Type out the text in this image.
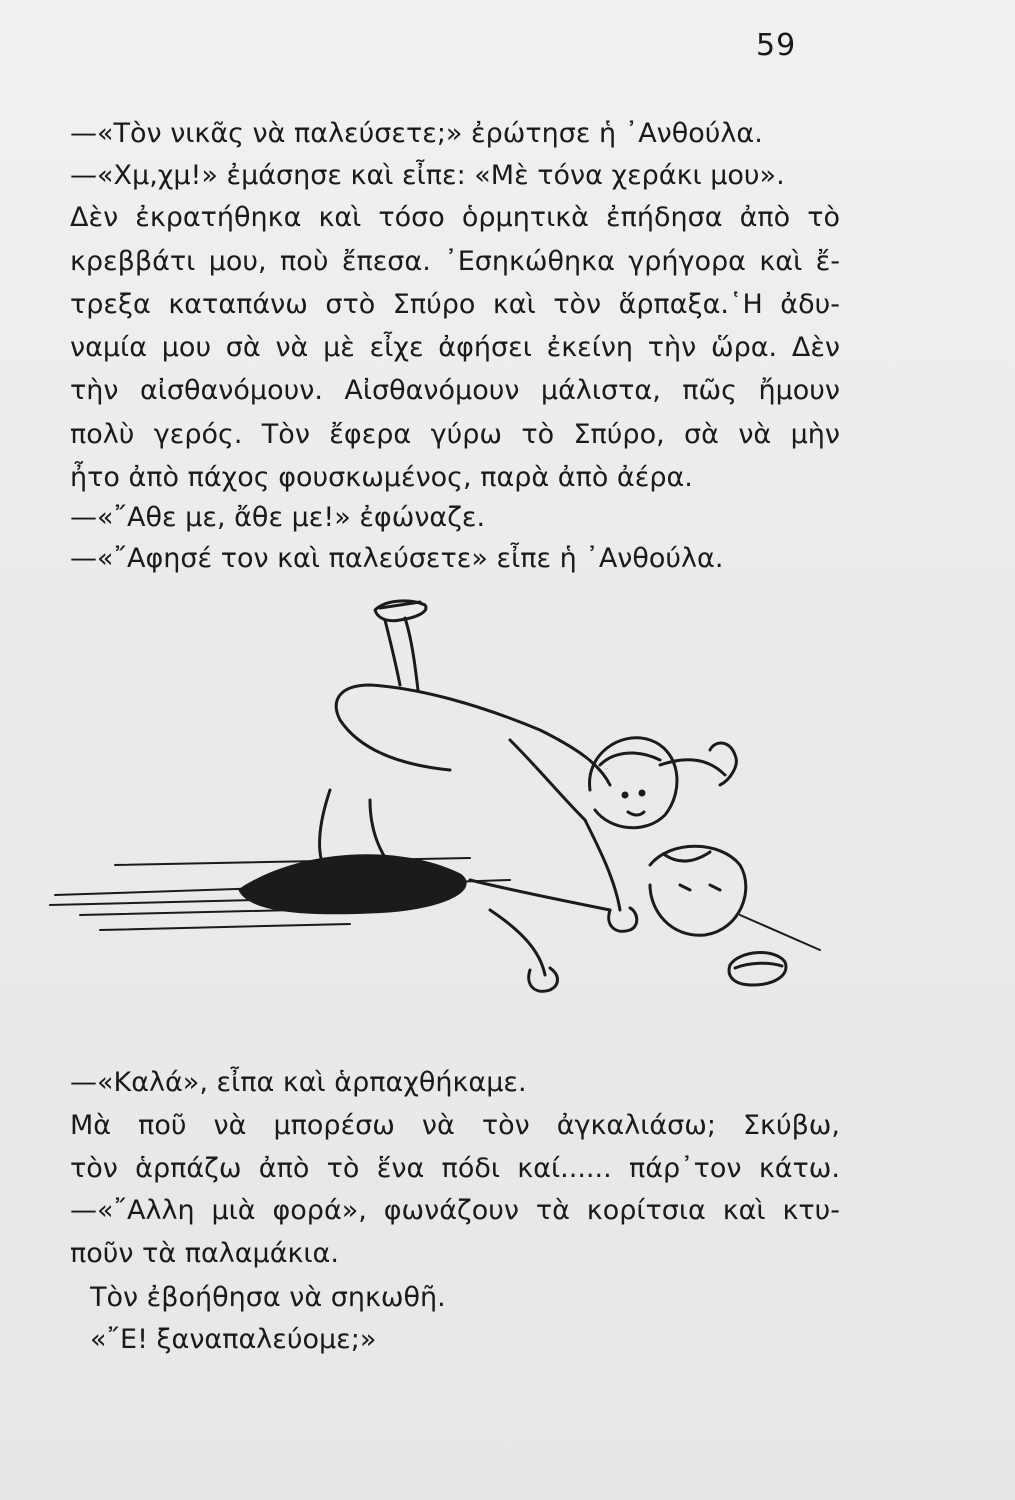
59
—«Τὸν νικᾶς νὰ παλεύσετε;» ἐρώτησε ἡ ᾿Ανθούλα.
—«Χμ,χμ!» ἐμάσησε καὶ εἶπε: «Μὲ τόνα χεράκι μου».
Δὲν ἐκρατήθηκα καὶ τόσο ὁρμητικὰ ἐπήδησα ἀπὸ τὸ
κρεββάτι μου, ποὺ ἔπεσα. ᾿Εσηκώθηκα γρήγορα καὶ ἔ-
τρεξα καταπάνω στὸ Σπύρο καὶ τὸν ἅρπαξα.῾Η ἀδυ-
ναμία μου σὰ νὰ μὲ εἶχε ἀφήσει ἐκείνη τὴν ὥρα. Δὲν
τὴν αἰσθανόμουν. Αἰσθανόμουν μάλιστα, πῶς ἤμουν
πολὺ γερός. Τὸν ἔφερα γύρω τὸ Σπύρο, σὰ νὰ μὴν
ἦτο ἀπὸ πάχος φουσκωμένος, παρὰ ἀπὸ ἀέρα.
—«῎Αθε με, ἄθε με!» ἐφώναζε.
—«῎Αφησέ τον καὶ παλεύσετε» εἶπε ἡ ᾿Ανθούλα.
—«Καλά», εἶπα καὶ ἁρπαχθήκαμε.
Μὰ ποῦ νὰ μπορέσω νὰ τὸν ἀγκαλιάσω; Σκύβω,
τὸν ἁρπάζω ἀπὸ τὸ ἕνα πόδι καί...... πάρ᾿τον κάτω.
—«῎Αλλη μιὰ φορά», φωνάζουν τὰ κορίτσια καὶ κτυ-
ποῦν τὰ παλαμάκια.
Τὸν ἐβοήθησα νὰ σηκωθῆ.
«῎Ε! ξαναπαλεύομε;»
